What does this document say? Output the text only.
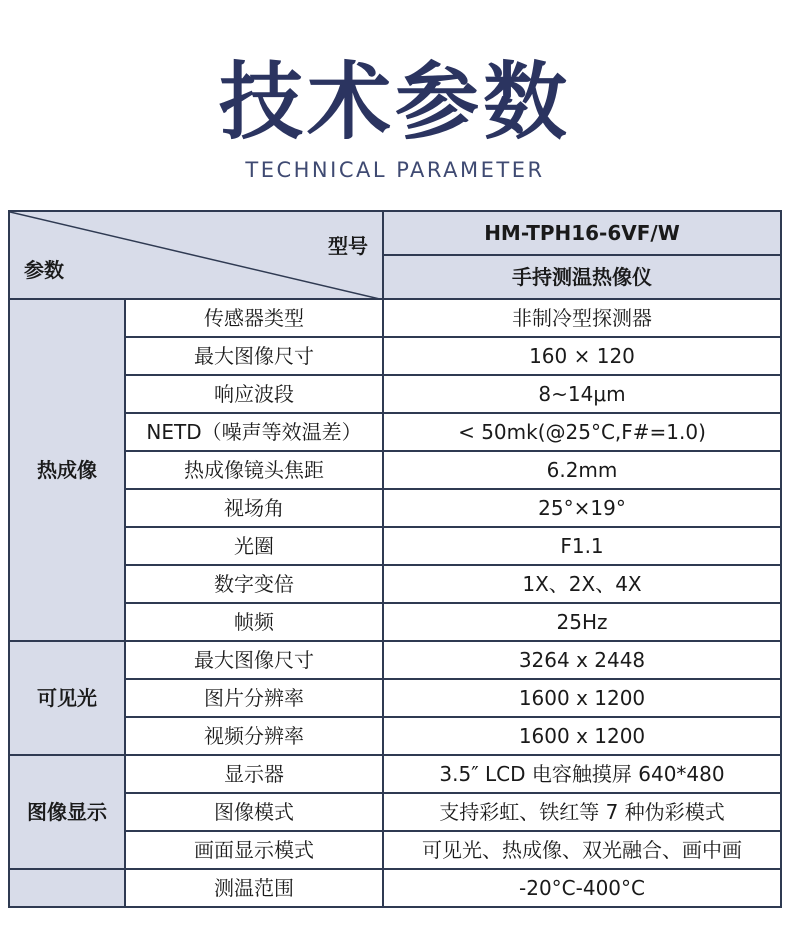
技术参数
TECHNICAL PARAMETER
型号
参数		HM-TPH16-6VF/W
		手持测温热像仪
热成像	传感器类型	非制冷型探测器
	最大图像尺寸	160 × 120
	响应波段	8~14μm
	NETD（噪声等效温差）	< 50mk(@25°C,F#=1.0)
	热成像镜头焦距	6.2mm
	视场角	25°×19°
	光圈	F1.1
	数字变倍	1X、2X、4X
	帧频	25Hz
可见光	最大图像尺寸	3264 x 2448
	图片分辨率	1600 x 1200
	视频分辨率	1600 x 1200
图像显示	显示器	3.5″ LCD 电容触摸屏 640*480
	图像模式	支持彩虹、铁红等 7 种伪彩模式
	画面显示模式	可见光、热成像、双光融合、画中画
	测温范围	-20°C-400°C
